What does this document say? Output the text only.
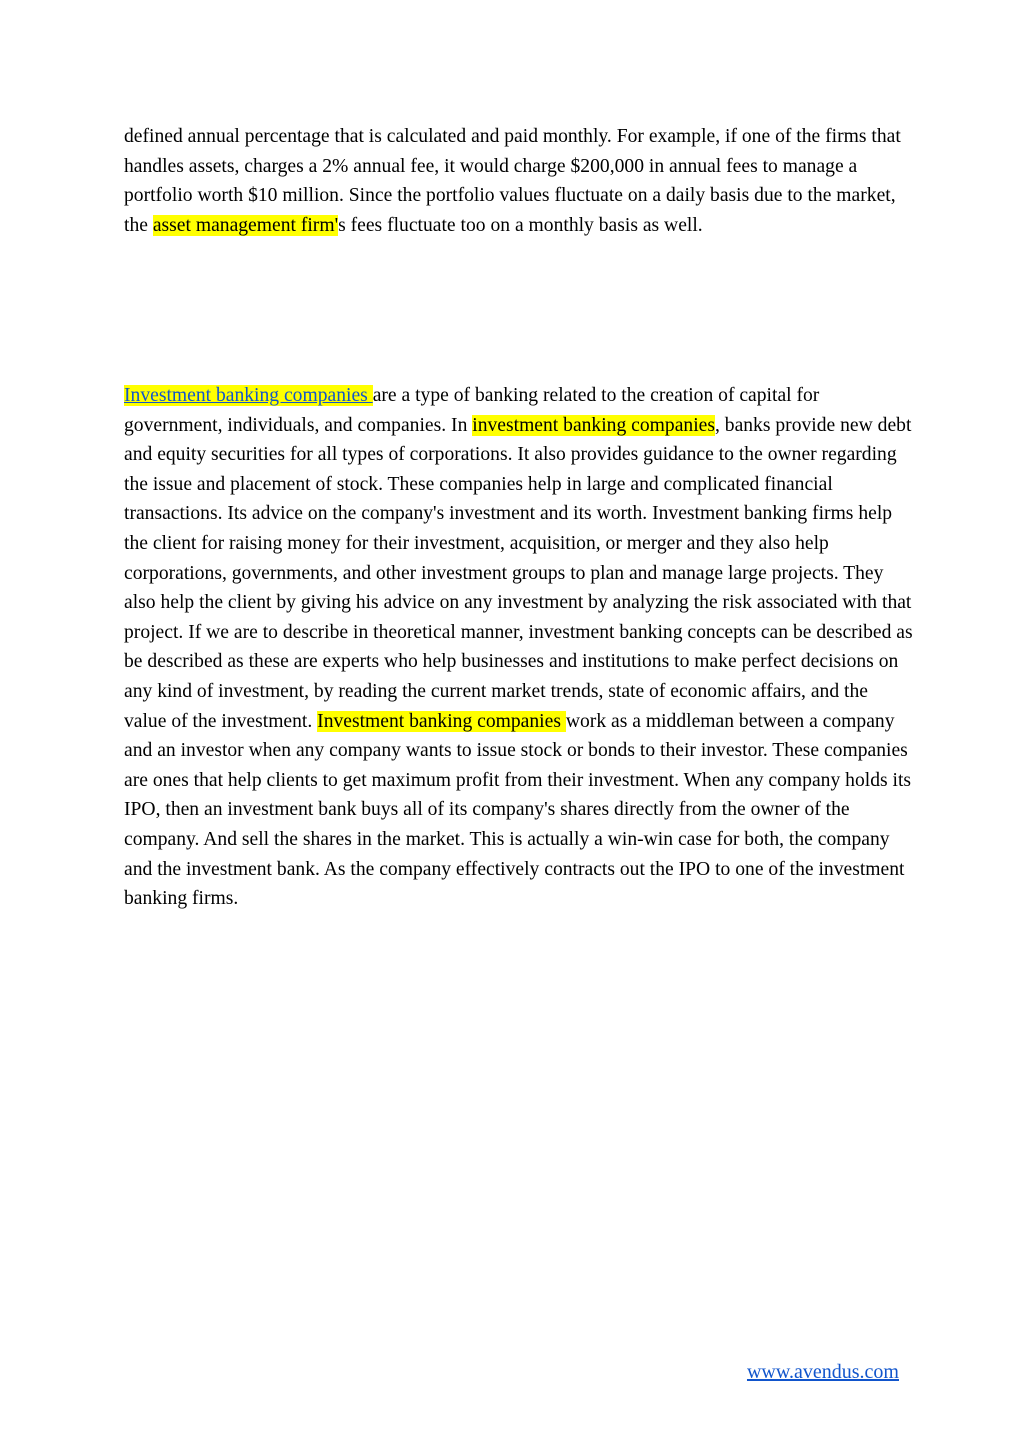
defined annual percentage that is calculated and paid monthly. For example, if one of the firms that handles assets, charges a 2% annual fee, it would charge $200,000 in annual fees to manage a portfolio worth $10 million. Since the portfolio values fluctuate on a daily basis due to the market, the asset management firm's fees fluctuate too on a monthly basis as well.

Investment banking companies are a type of banking related to the creation of capital for government, individuals, and companies. In investment banking companies, banks provide new debt and equity securities for all types of corporations. It also provides guidance to the owner regarding the issue and placement of stock. These companies help in large and complicated financial transactions. Its advice on the company's investment and its worth. Investment banking firms help the client for raising money for their investment, acquisition, or merger and they also help corporations, governments, and other investment groups to plan and manage large projects. They also help the client by giving his advice on any investment by analyzing the risk associated with that project. If we are to describe in theoretical manner, investment banking concepts can be described as be described as these are experts who help businesses and institutions to make perfect decisions on any kind of investment, by reading the current market trends, state of economic affairs, and the value of the investment. Investment banking companies work as a middleman between a company and an investor when any company wants to issue stock or bonds to their investor. These companies are ones that help clients to get maximum profit from their investment. When any company holds its IPO, then an investment bank buys all of its company's shares directly from the owner of the company. And sell the shares in the market. This is actually a win-win case for both, the company and the investment bank. As the company effectively contracts out the IPO to one of the investment banking firms.

www.avendus.com
